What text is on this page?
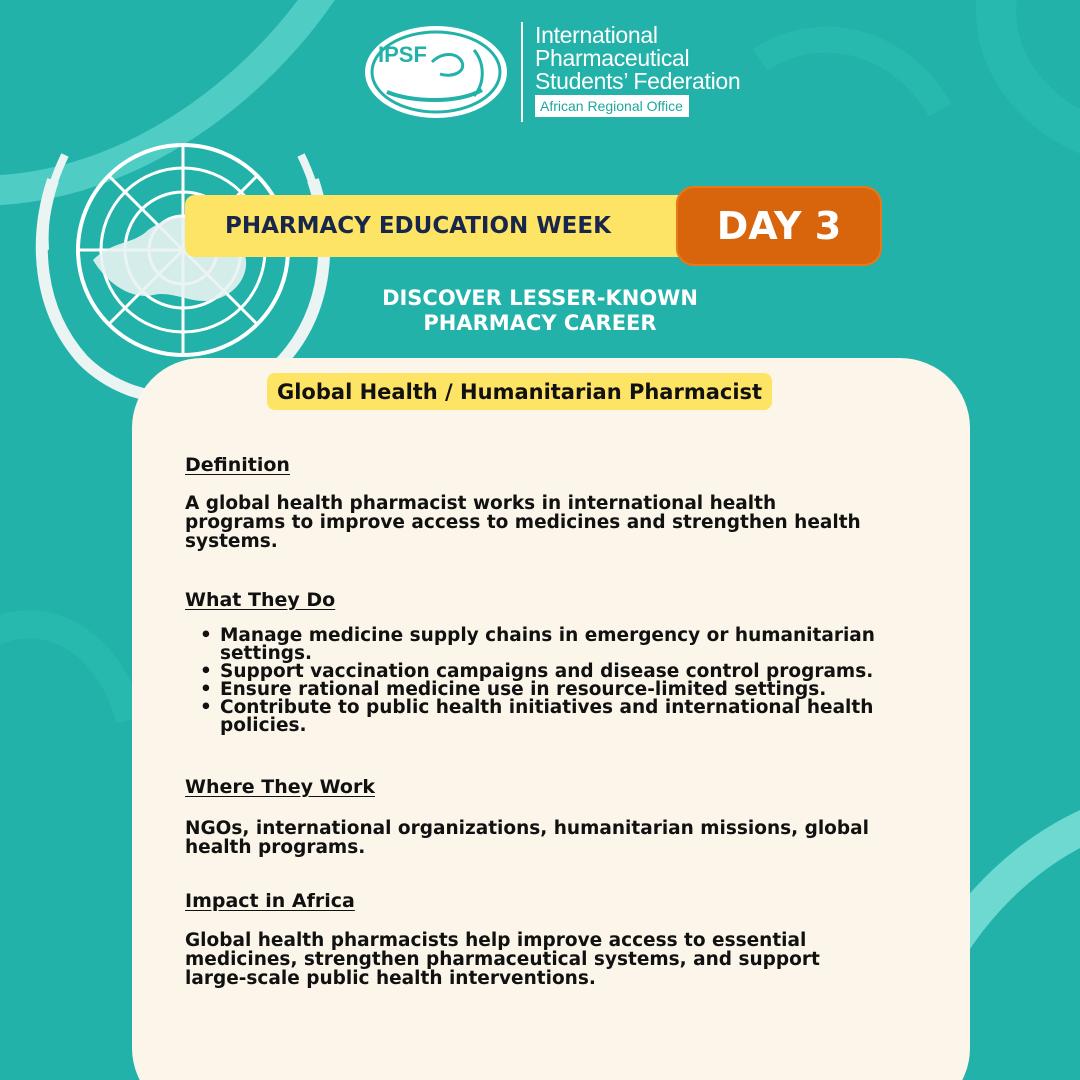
IPSF
International
Pharmaceutical
Students’ Federation
African Regional Office
PHARMACY EDUCATION WEEK	DAY 3
DISCOVER LESSER-KNOWN
PHARMACY CAREER
Global Health / Humanitarian Pharmacist
Definition

A global health pharmacist works in international health programs to improve access to medicines and strengthen health systems.

What They Do
• Manage medicine supply chains in emergency or humanitarian settings.
• Support vaccination campaigns and disease control programs.
• Ensure rational medicine use in resource-limited settings.
• Contribute to public health initiatives and international health policies.
Where They Work

NGOs, international organizations, humanitarian missions, global health programs.

Impact in Africa

Global health pharmacists help improve access to essential medicines, strengthen pharmaceutical systems, and support large-scale public health interventions.
